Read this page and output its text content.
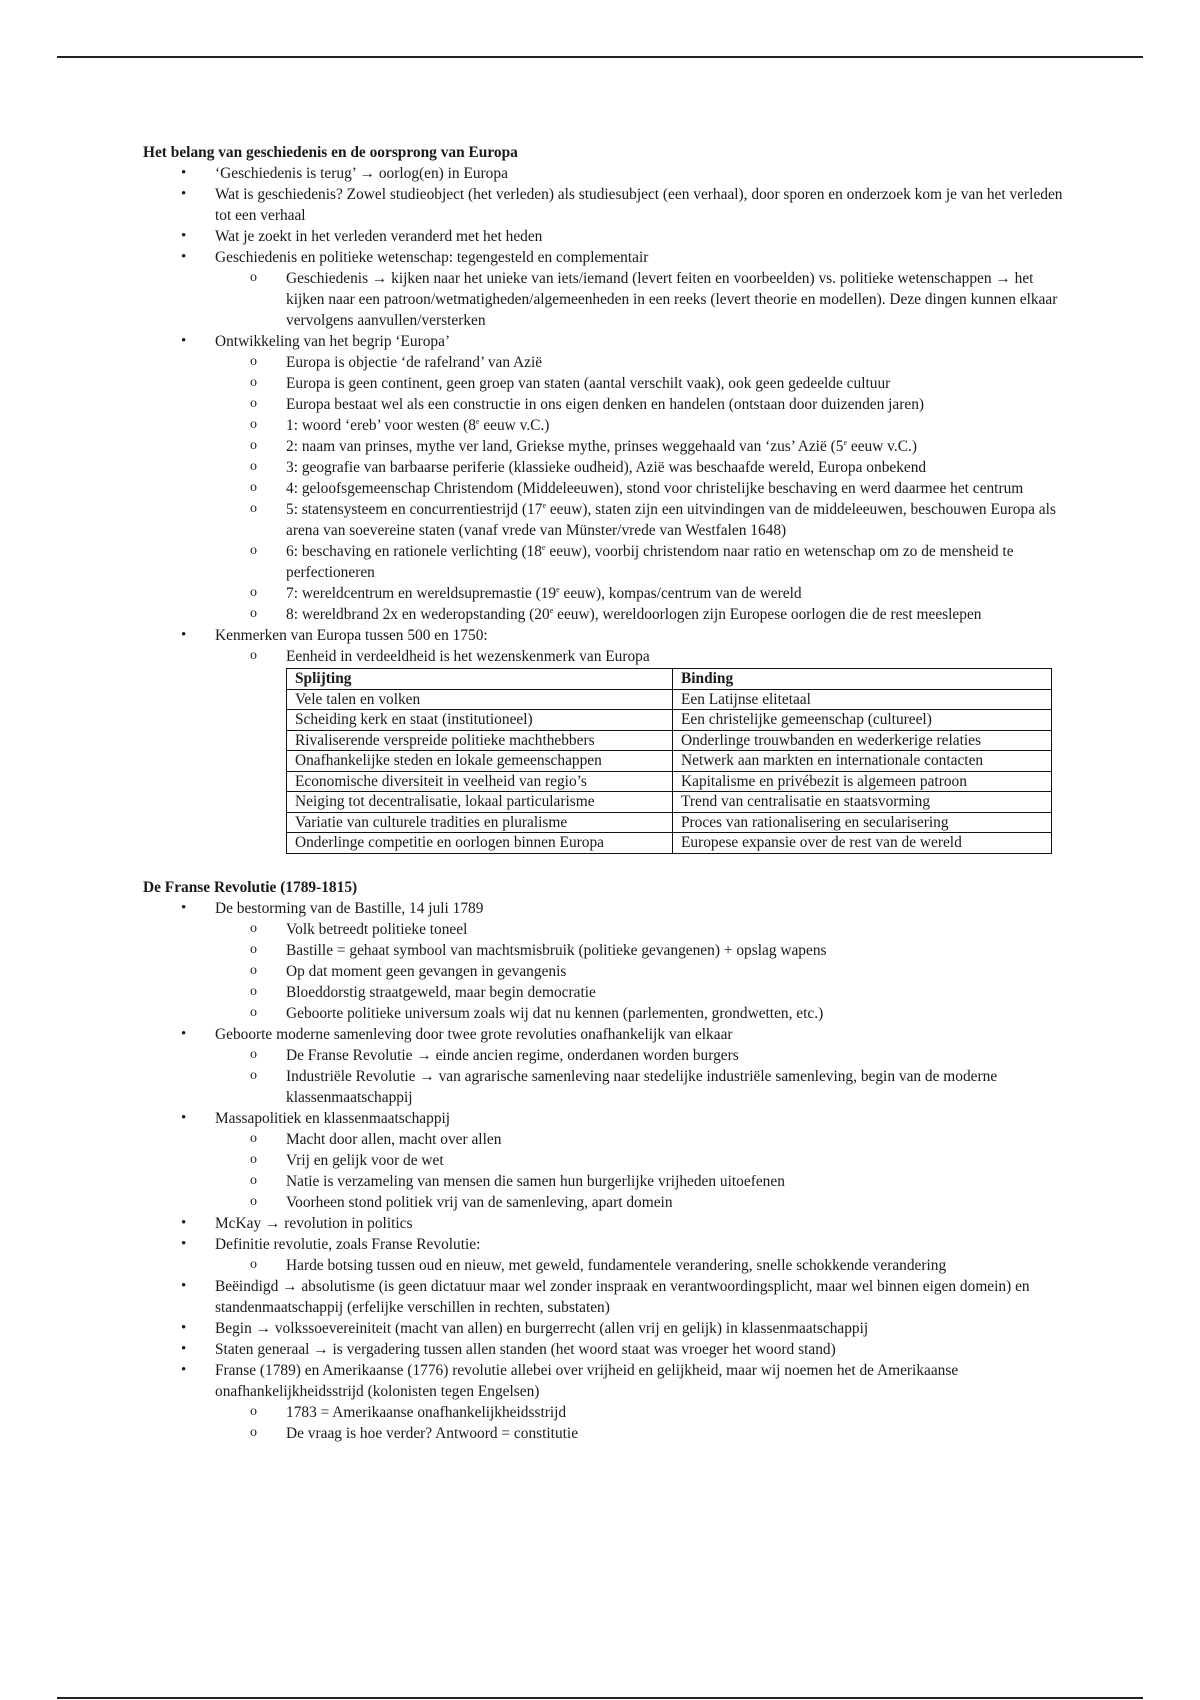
Het belang van geschiedenis en de oorsprong van Europa
• ‘Geschiedenis is terug’ → oorlog(en) in Europa
• Wat is geschiedenis? Zowel studieobject (het verleden) als studiesubject (een verhaal), door sporen en onderzoek kom je van het verleden tot een verhaal
• Wat je zoekt in het verleden veranderd met het heden
• Geschiedenis en politieke wetenschap: tegengesteld en complementair
o Geschiedenis → kijken naar het unieke van iets/iemand (levert feiten en voorbeelden) vs. politieke wetenschappen → het kijken naar een patroon/wetmatigheden/algemeenheden in een reeks (levert theorie en modellen). Deze dingen kunnen elkaar vervolgens aanvullen/versterken
• Ontwikkeling van het begrip ‘Europa’
o Europa is objectie ‘de rafelrand’ van Azië
o Europa is geen continent, geen groep van staten (aantal verschilt vaak), ook geen gedeelde cultuur
o Europa bestaat wel als een constructie in ons eigen denken en handelen (ontstaan door duizenden jaren)
o 1: woord ‘ereb’ voor westen (8e eeuw v.C.)
o 2: naam van prinses, mythe ver land, Griekse mythe, prinses weggehaald van ‘zus’ Azië (5e eeuw v.C.)
o 3: geografie van barbaarse periferie (klassieke oudheid), Azië was beschaafde wereld, Europa onbekend
o 4: geloofsgemeenschap Christendom (Middeleeuwen), stond voor christelijke beschaving en werd daarmee het centrum
o 5: statensysteem en concurrentiestrijd (17e eeuw), staten zijn een uitvindingen van de middeleeuwen, beschouwen Europa als arena van soevereine staten (vanaf vrede van Münster/vrede van Westfalen 1648)
o 6: beschaving en rationele verlichting (18e eeuw), voorbij christendom naar ratio en wetenschap om zo de mensheid te perfectioneren
o 7: wereldcentrum en wereldsupremastie (19e eeuw), kompas/centrum van de wereld
o 8: wereldbrand 2x en wederopstanding (20e eeuw), wereldoorlogen zijn Europese oorlogen die de rest meeslepen
• Kenmerken van Europa tussen 500 en 1750:
o Eenheid in verdeeldheid is het wezenskenmerk van Europa
Splijting	Binding
Vele talen en volken	Een Latijnse elitetaal
Scheiding kerk en staat (institutioneel)	Een christelijke gemeenschap (cultureel)
Rivaliserende verspreide politieke machthebbers	Onderlinge trouwbanden en wederkerige relaties
Onafhankelijke steden en lokale gemeenschappen	Netwerk aan markten en internationale contacten
Economische diversiteit in veelheid van regio’s	Kapitalisme en privébezit is algemeen patroon
Neiging tot decentralisatie, lokaal particularisme	Trend van centralisatie en staatsvorming
Variatie van culturele tradities en pluralisme	Proces van rationalisering en secularisering
Onderlinge competitie en oorlogen binnen Europa	Europese expansie over de rest van de wereld
De Franse Revolutie (1789-1815)
• De bestorming van de Bastille, 14 juli 1789
o Volk betreedt politieke toneel
o Bastille = gehaat symbool van machtsmisbruik (politieke gevangenen) + opslag wapens
o Op dat moment geen gevangen in gevangenis
o Bloeddorstig straatgeweld, maar begin democratie
o Geboorte politieke universum zoals wij dat nu kennen (parlementen, grondwetten, etc.)
• Geboorte moderne samenleving door twee grote revoluties onafhankelijk van elkaar
o De Franse Revolutie → einde ancien regime, onderdanen worden burgers
o Industriële Revolutie → van agrarische samenleving naar stedelijke industriële samenleving, begin van de moderne klassenmaatschappij
• Massapolitiek en klassenmaatschappij
o Macht door allen, macht over allen
o Vrij en gelijk voor de wet
o Natie is verzameling van mensen die samen hun burgerlijke vrijheden uitoefenen
o Voorheen stond politiek vrij van de samenleving, apart domein
• McKay → revolution in politics
• Definitie revolutie, zoals Franse Revolutie:
o Harde botsing tussen oud en nieuw, met geweld, fundamentele verandering, snelle schokkende verandering
• Beëindigd → absolutisme (is geen dictatuur maar wel zonder inspraak en verantwoordingsplicht, maar wel binnen eigen domein) en standenmaatschappij (erfelijke verschillen in rechten, substaten)
• Begin → volkssoevereiniteit (macht van allen) en burgerrecht (allen vrij en gelijk) in klassenmaatschappij
• Staten generaal → is vergadering tussen allen standen (het woord staat was vroeger het woord stand)
• Franse (1789) en Amerikaanse (1776) revolutie allebei over vrijheid en gelijkheid, maar wij noemen het de Amerikaanse onafhankelijkheidsstrijd (kolonisten tegen Engelsen)
o 1783 = Amerikaanse onafhankelijkheidsstrijd
o De vraag is hoe verder? Antwoord = constitutie
